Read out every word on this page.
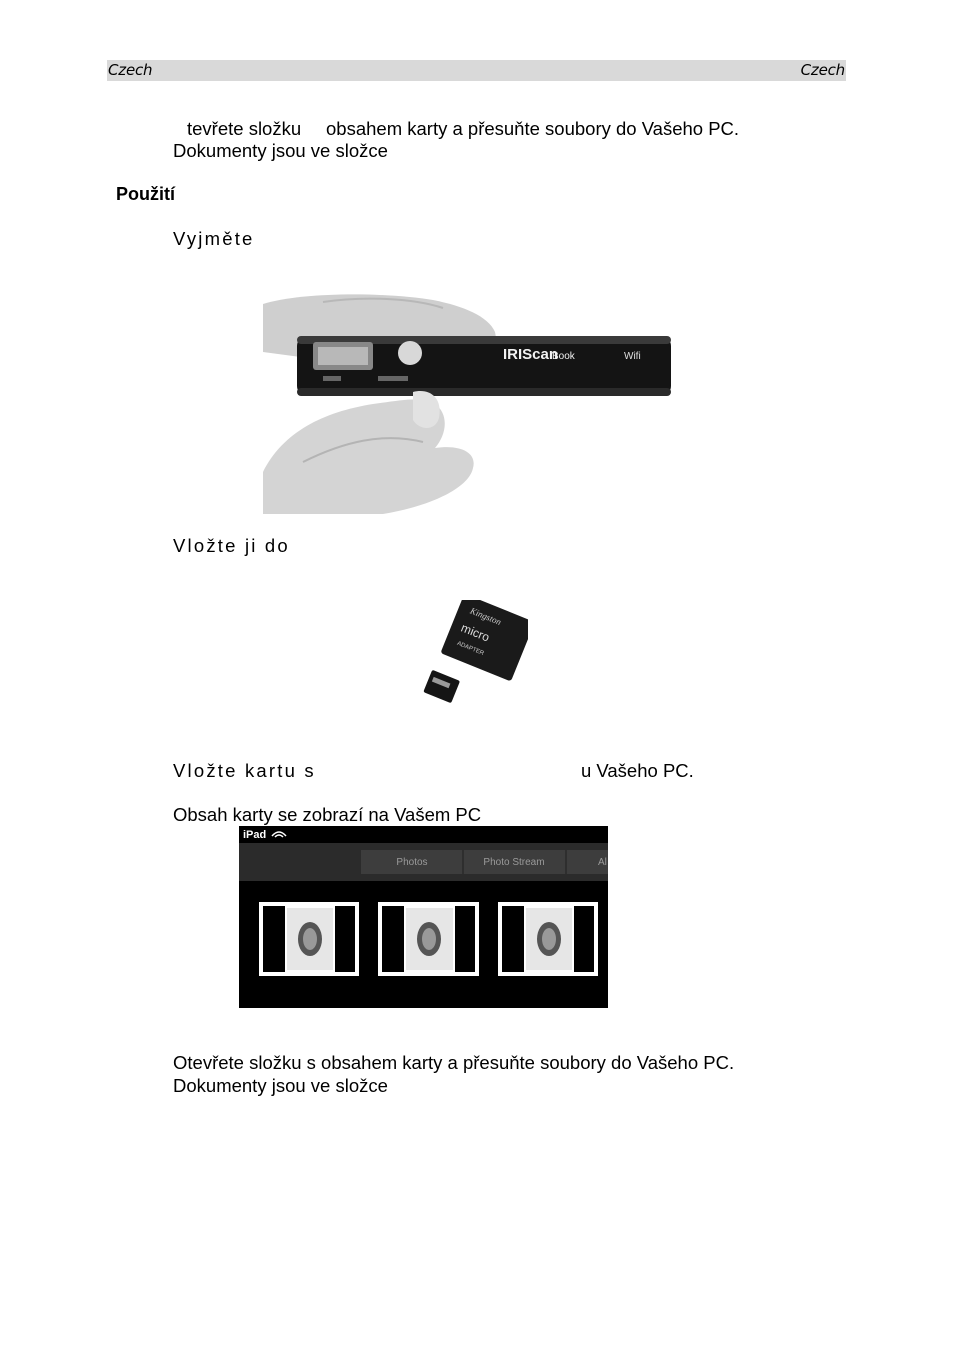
Czech	Czech
tevřete složku obsahem karty a přesuňte soubory do Vašeho PC.
Dokumenty jsou ve složce
Použití
Vyjměte
IRIScan
Book	Wifi
Vložte ji do
Kingston
micro
ADAPTER
Vložte kartu s	u Vašeho PC.
Obsah karty se zobrazí na Vašem PC
iPad
Photos	Photo Stream	Al
Otevřete složku s obsahem karty a přesuňte soubory do Vašeho PC.
Dokumenty jsou ve složce
